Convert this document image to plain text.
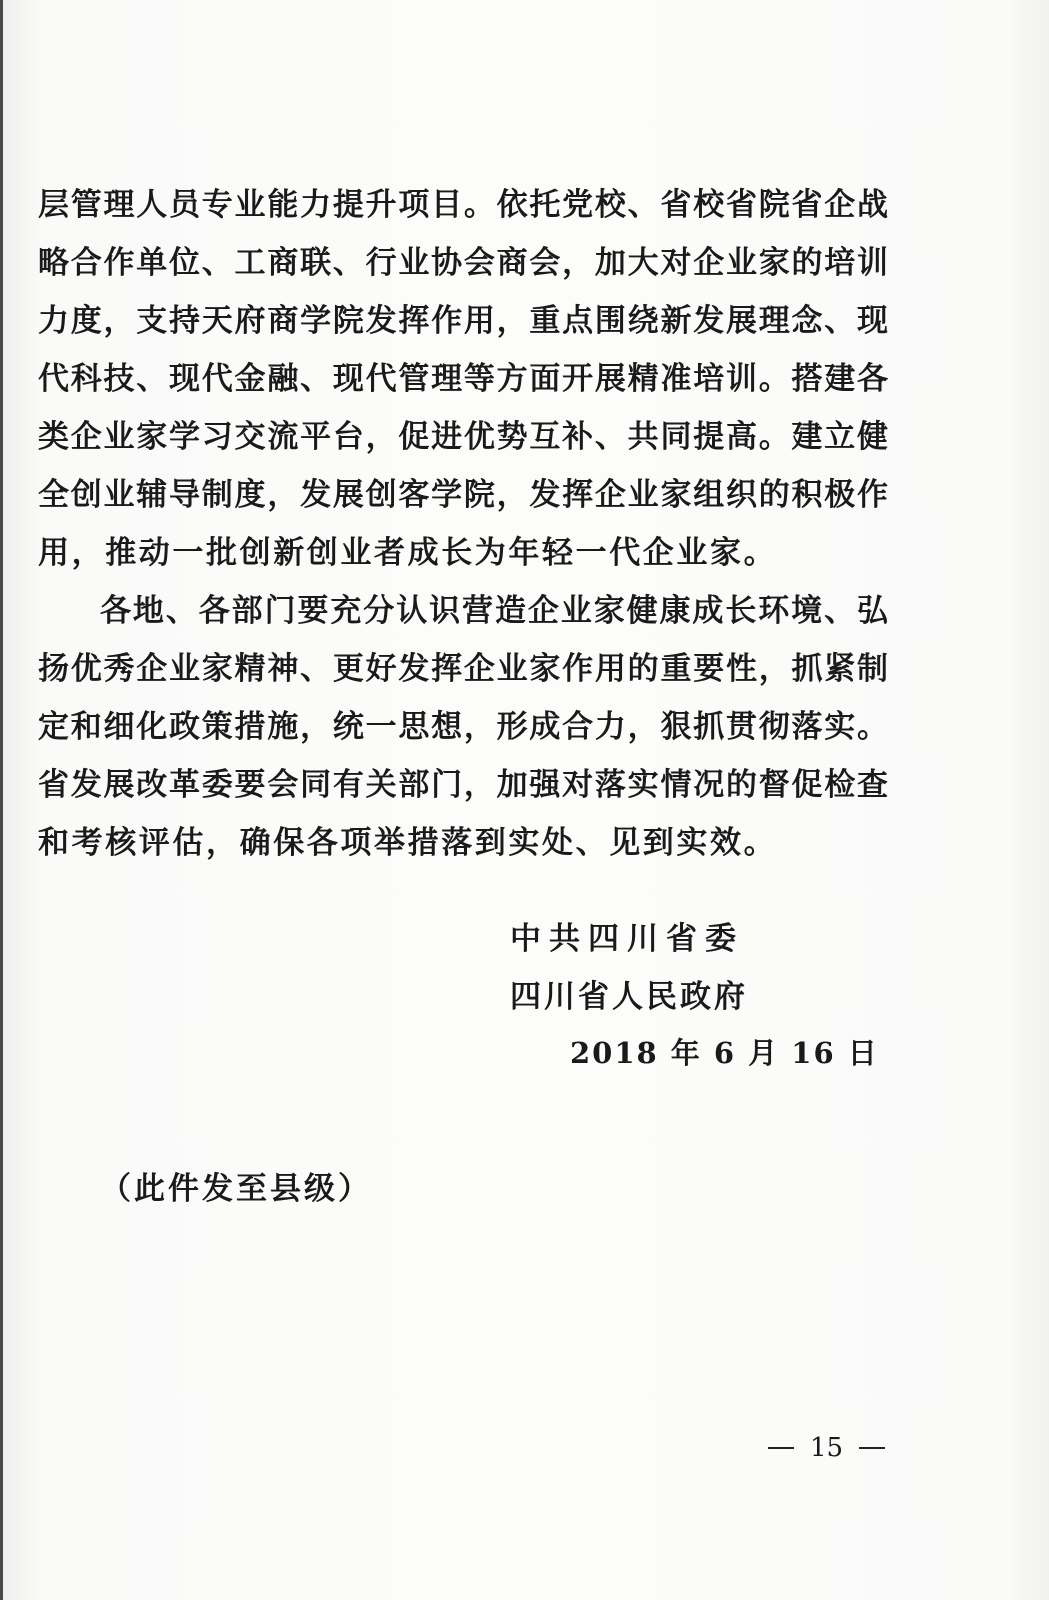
层管理人员专业能力提升项目。依托党校、省校省院省企战
略合作单位、工商联、行业协会商会，加大对企业家的培训
力度，支持天府商学院发挥作用，重点围绕新发展理念、现
代科技、现代金融、现代管理等方面开展精准培训。搭建各
类企业家学习交流平台，促进优势互补、共同提高。建立健
全创业辅导制度，发展创客学院，发挥企业家组织的积极作
用，推动一批创新创业者成长为年轻一代企业家。
各地、各部门要充分认识营造企业家健康成长环境、弘
扬优秀企业家精神、更好发挥企业家作用的重要性，抓紧制
定和细化政策措施，统一思想，形成合力，狠抓贯彻落实。
省发展改革委要会同有关部门，加强对落实情况的督促检查
和考核评估，确保各项举措落到实处、见到实效。
中共四川省委
四川省人民政府
2018 年 6 月 16 日
（此件发至县级）
15
